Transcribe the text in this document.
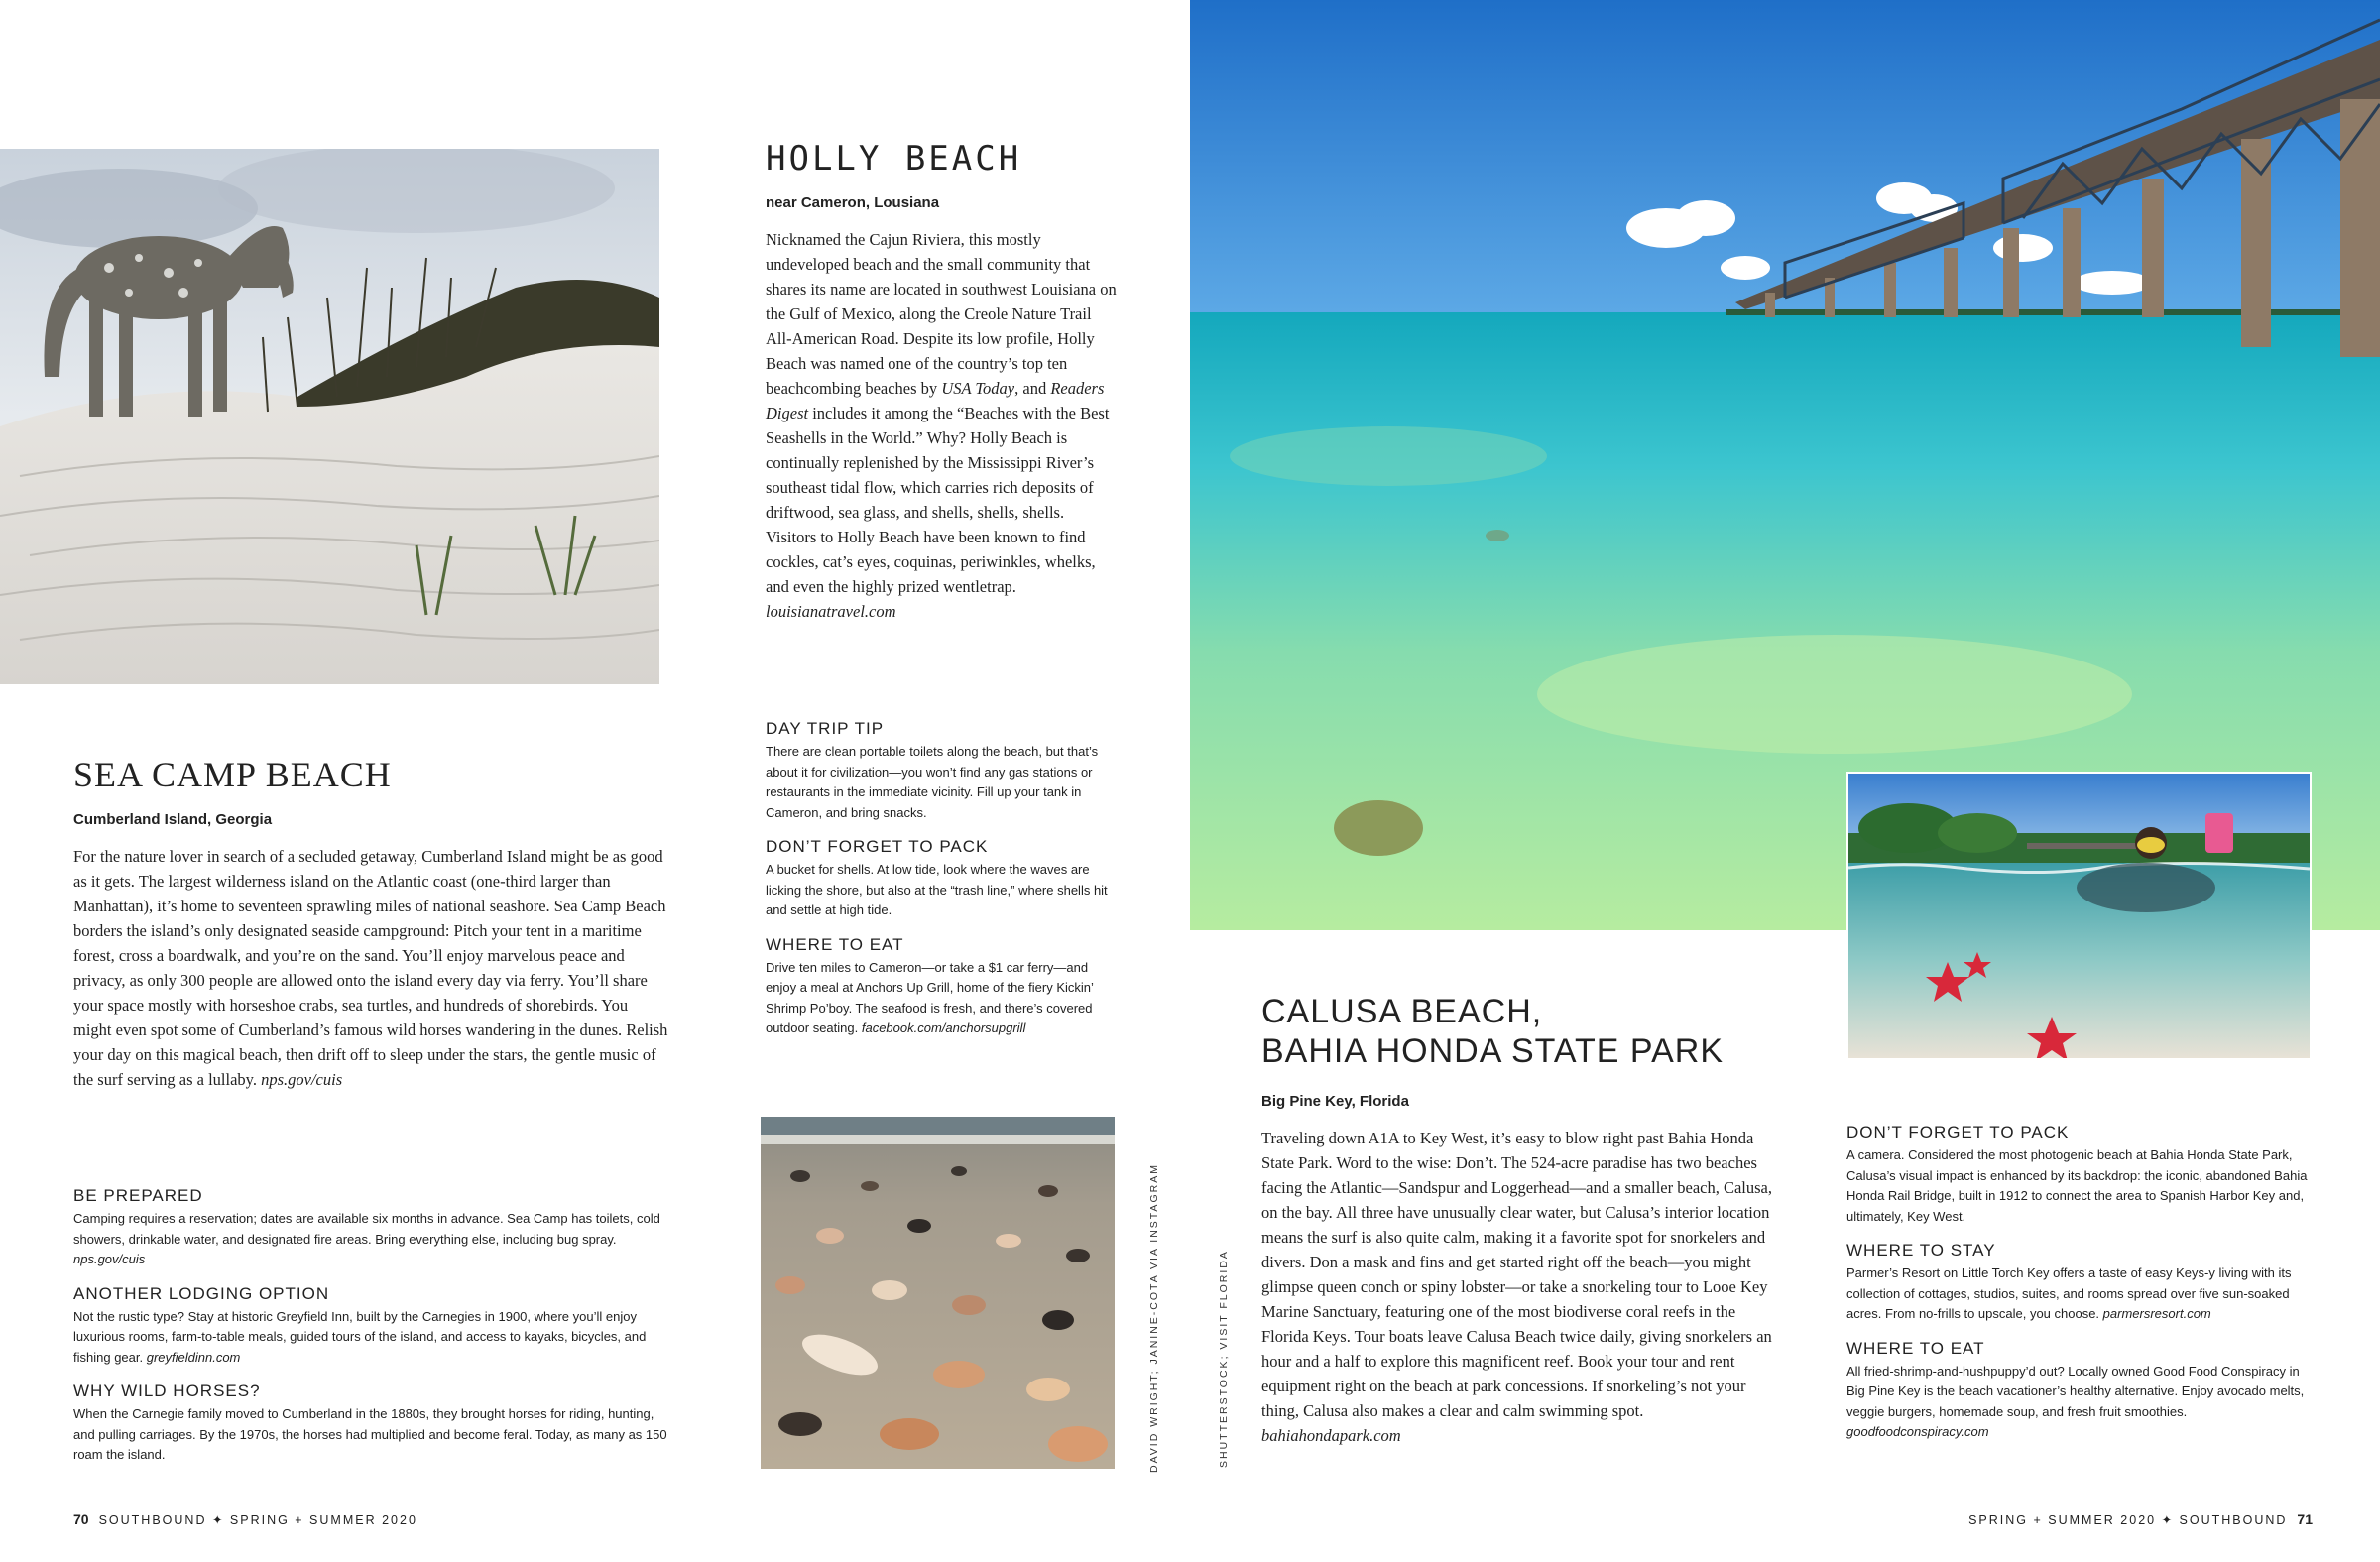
SEA CAMP BEACH

Cumberland Island, Georgia

For the nature lover in search of a secluded getaway, Cumberland Island might be as good as it gets. The largest wilderness island on the Atlantic coast (one-third larger than Manhattan), it’s home to seventeen sprawling miles of national seashore. Sea Camp Beach borders the island’s only designated seaside campground: Pitch your tent in a maritime forest, cross a boardwalk, and you’re on the sand. You’ll enjoy marvelous peace and privacy, as only 300 people are allowed onto the island every day via ferry. You’ll share your space mostly with horseshoe crabs, sea turtles, and hundreds of shorebirds. You might even spot some of Cumberland’s famous wild horses wandering in the dunes. Relish your day on this magical beach, then drift off to sleep under the stars, the gentle music of the surf serving as a lullaby. nps.gov/cuis

BE PREPARED

Camping requires a reservation; dates are available six months in advance. Sea Camp has toilets, cold showers, drinkable water, and designated fire areas. Bring everything else, including bug spray. nps.gov/cuis

ANOTHER LODGING OPTION

Not the rustic type? Stay at historic Greyfield Inn, built by the Carnegies in 1900, where you’ll enjoy luxurious rooms, farm-to-table meals, guided tours of the island, and access to kayaks, bicycles, and fishing gear. greyfieldinn.com

WHY WILD HORSES?

When the Carnegie family moved to Cumberland in the 1880s, they brought horses for riding, hunting, and pulling carriages. By the 1970s, the horses had multiplied and become feral. Today, as many as 150 roam the island.

HOLLY BEACH

near Cameron, Lousiana

Nicknamed the Cajun Riviera, this mostly undeveloped beach and the small community that shares its name are located in southwest Louisiana on the Gulf of Mexico, along the Creole Nature Trail All-American Road. Despite its low profile, Holly Beach was named one of the country’s top ten beachcombing beaches by USA Today, and Readers Digest includes it among the “Beaches with the Best Seashells in the World.” Why? Holly Beach is continually replenished by the Mississippi River’s southeast tidal flow, which carries rich deposits of driftwood, sea glass, and shells, shells, shells. Visitors to Holly Beach have been known to find cockles, cat’s eyes, coquinas, periwinkles, whelks, and even the highly prized wentletrap. louisianatravel.com

DAY TRIP TIP

There are clean portable toilets along the beach, but that’s about it for civilization—you won’t find any gas stations or restaurants in the immediate vicinity. Fill up your tank in Cameron, and bring snacks.

DON’T FORGET TO PACK

A bucket for shells. At low tide, look where the waves are licking the shore, but also at the “trash line,” where shells hit and settle at high tide.

WHERE TO EAT

Drive ten miles to Cameron—or take a $1 car ferry—and enjoy a meal at Anchors Up Grill, home of the fiery Kickin’ Shrimp Po’boy. The seafood is fresh, and there’s covered outdoor seating. facebook.com/anchorsupgrill

DAVID WRIGHT; JANINE-COTA VIA INSTAGRAM	SHUTTERSTOCK; VISIT FLORIDA
CALUSA BEACH,
BAHIA HONDA STATE PARK

Big Pine Key, Florida

Traveling down A1A to Key West, it’s easy to blow right past Bahia Honda State Park. Word to the wise: Don’t. The 524-acre paradise has two beaches facing the Atlantic—Sandspur and Loggerhead—and a smaller beach, Calusa, on the bay. All three have unusually clear water, but Calusa’s interior location means the surf is also quite calm, making it a favorite spot for snorkelers and divers. Don a mask and fins and get started right off the beach—you might glimpse queen conch or spiny lobster—or take a snorkeling tour to Looe Key Marine Sanctuary, featuring one of the most biodiverse coral reefs in the Florida Keys. Tour boats leave Calusa Beach twice daily, giving snorkelers an hour and a half to explore this magnificent reef. Book your tour and rent equipment right on the beach at park concessions. If snorkeling’s not your thing, Calusa also makes a clear and calm swimming spot. bahiahondapark.com

DON’T FORGET TO PACK

A camera. Considered the most photogenic beach at Bahia Honda State Park, Calusa’s visual impact is enhanced by its backdrop: the iconic, abandoned Bahia Honda Rail Bridge, built in 1912 to connect the area to Spanish Harbor Key and, ultimately, Key West.

WHERE TO STAY

Parmer’s Resort on Little Torch Key offers a taste of easy Keys-y living with its collection of cottages, studios, suites, and rooms spread over five sun-soaked acres. From no-frills to upscale, you choose. parmersresort.com

WHERE TO EAT

All fried-shrimp-and-hushpuppy’d out? Locally owned Good Food Conspiracy in Big Pine Key is the beach vacationer’s healthy alternative. Enjoy avocado melts, veggie burgers, homemade soup, and fresh fruit smoothies. goodfoodconspiracy.com

70 SOUTHBOUND ✦ SPRING + SUMMER 2020	SPRING + SUMMER 2020 ✦ SOUTHBOUND 71
